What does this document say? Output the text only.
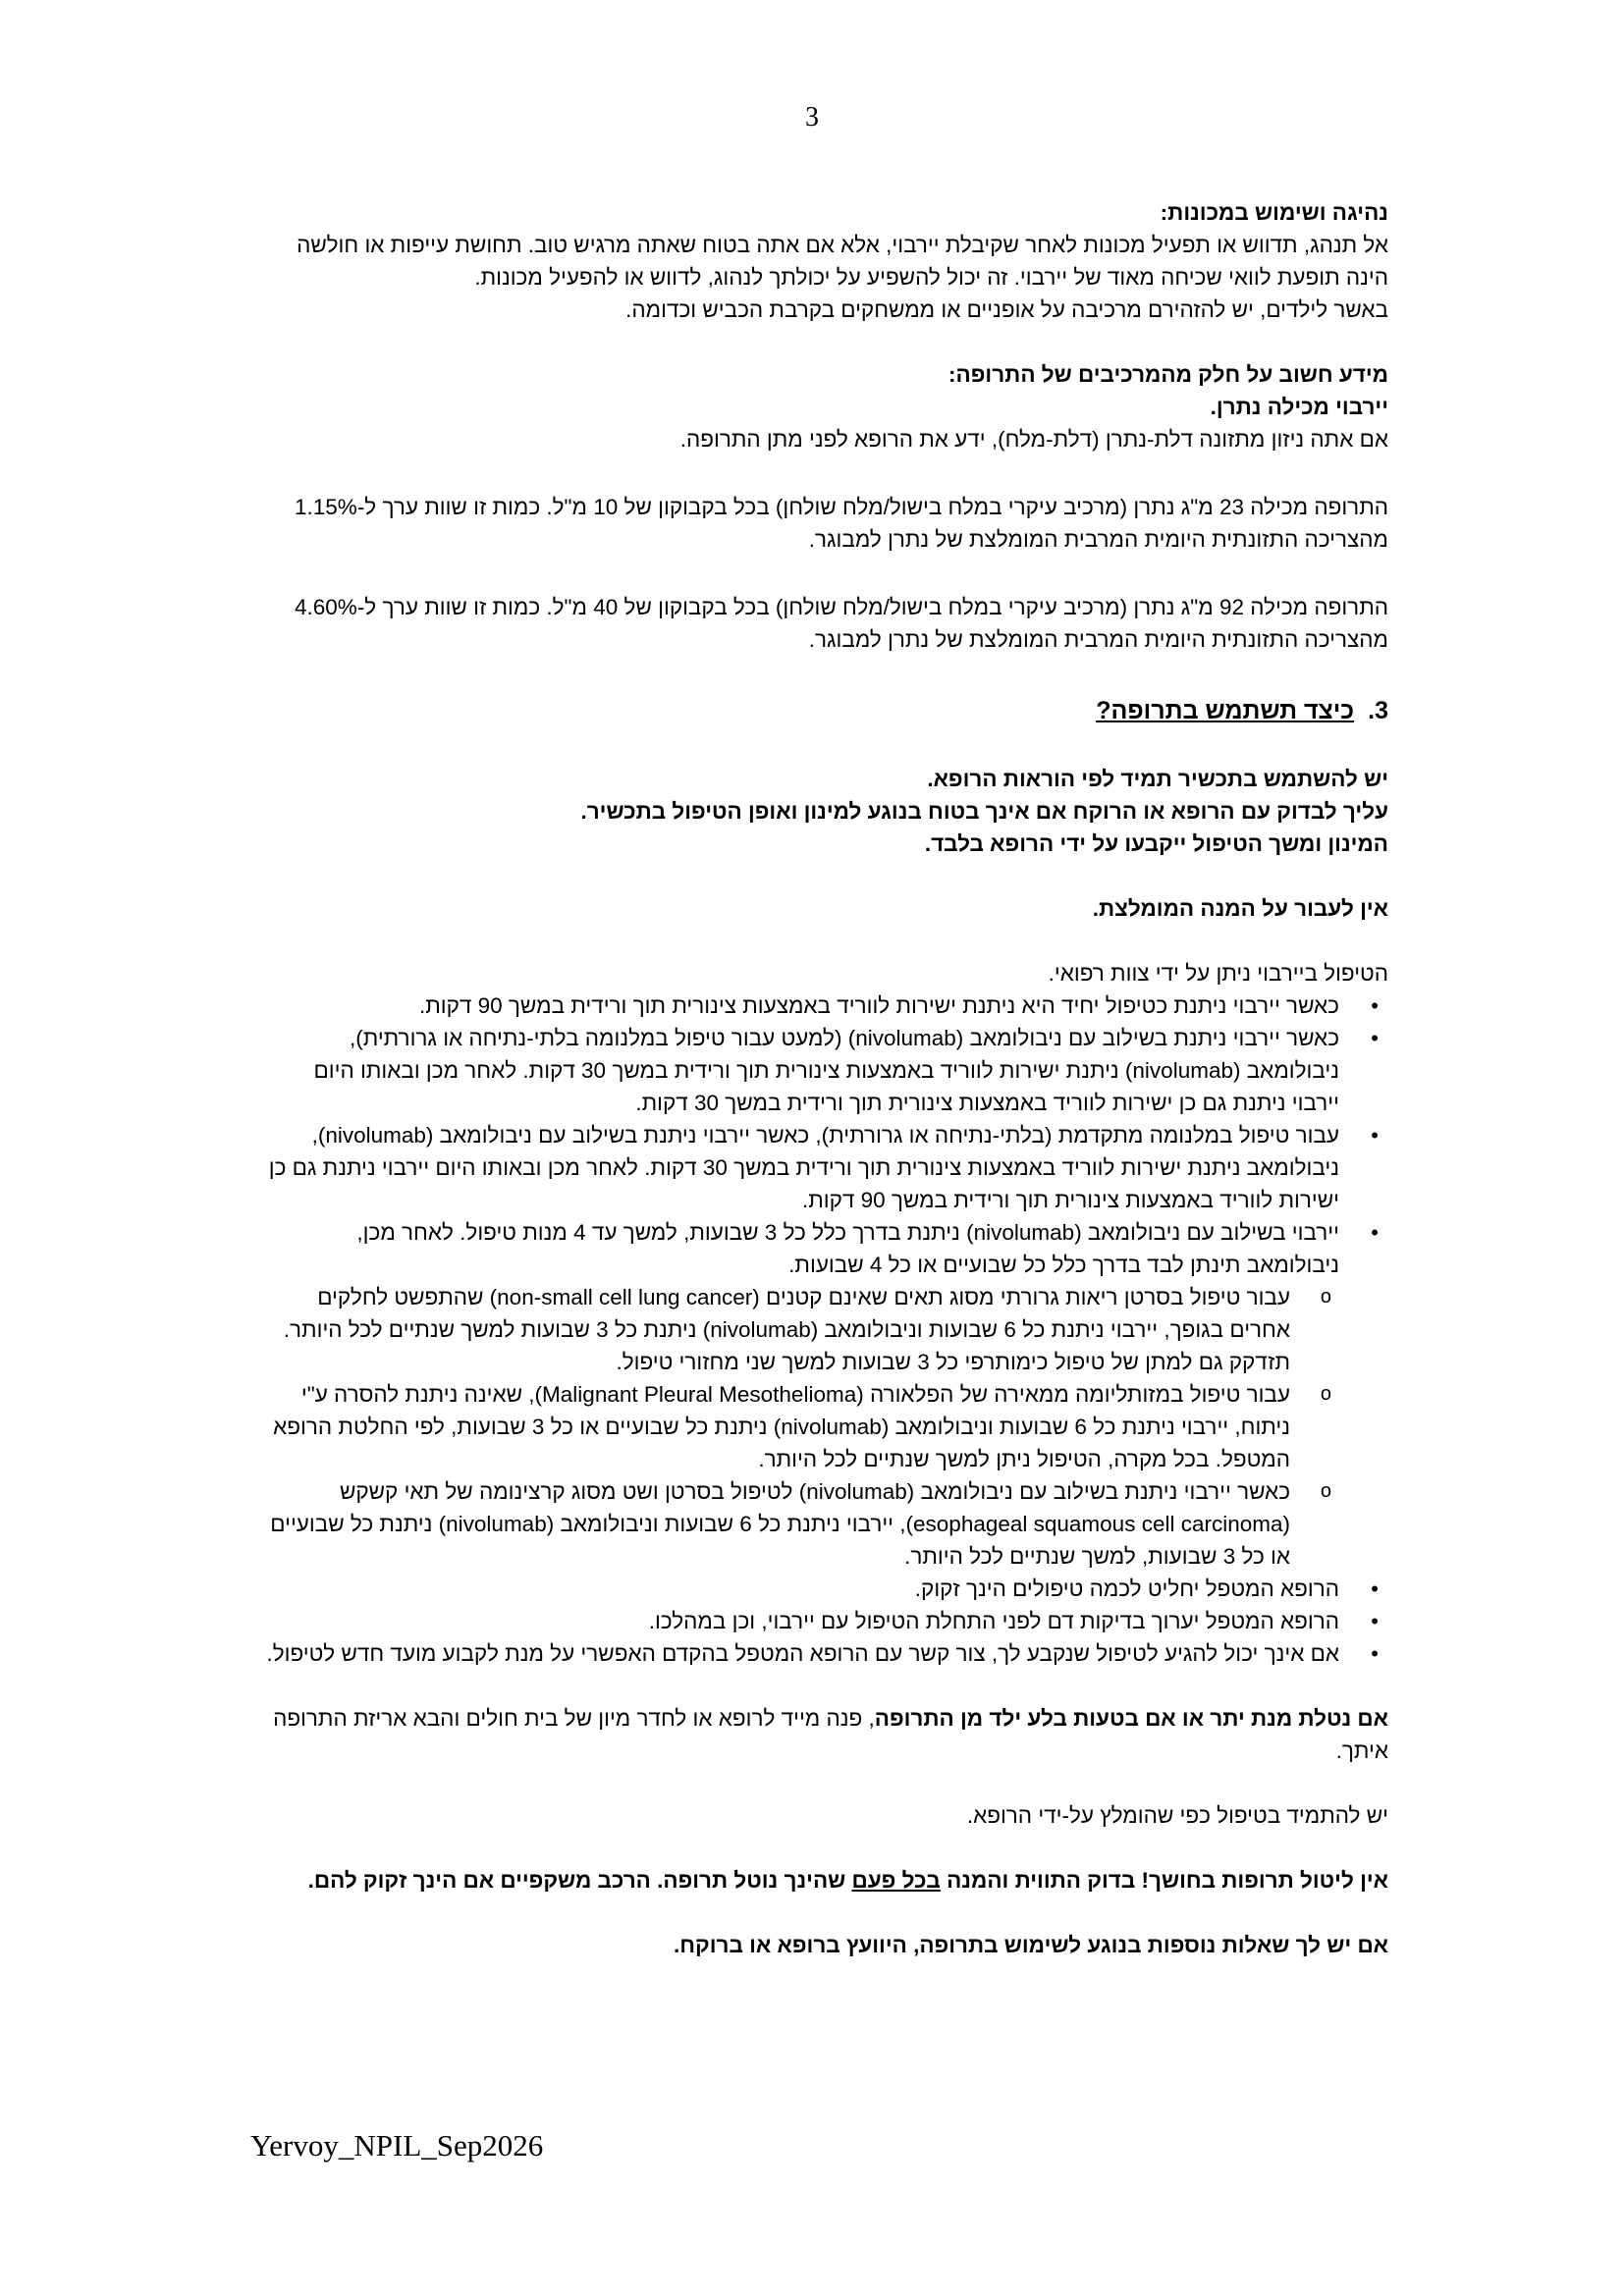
3

נהיגה ושימוש במכונות:

אל תנהג, תדווש או תפעיל מכונות לאחר שקיבלת יירבוי, אלא אם אתה בטוח שאתה מרגיש טוב. תחושת עייפות או חולשה הינה תופעת לוואי שכיחה מאוד של יירבוי. זה יכול להשפיע על יכולתך לנהוג, לדווש או להפעיל מכונות.

באשר לילדים, יש להזהירם מרכיבה על אופניים או ממשחקים בקרבת הכביש וכדומה.

מידע חשוב על חלק מהמרכיבים של התרופה:

יירבוי מכילה נתרן.

אם אתה ניזון מתזונה דלת-נתרן (דלת-מלח), ידע את הרופא לפני מתן התרופה.

התרופה מכילה 23 מ"ג נתרן (מרכיב עיקרי במלח בישול/מלח שולחן) בכל בקבוקון של 10 מ"ל. כמות זו שוות ערך ל-1.15% מהצריכה התזונתית היומית המרבית המומלצת של נתרן למבוגר.

התרופה מכילה 92 מ"ג נתרן (מרכיב עיקרי במלח בישול/מלח שולחן) בכל בקבוקון של 40 מ"ל. כמות זו שוות ערך ל-4.60% מהצריכה התזונתית היומית המרבית המומלצת של נתרן למבוגר.

3.כיצד תשתמש בתרופה?

יש להשתמש בתכשיר תמיד לפי הוראות הרופא.

עליך לבדוק עם הרופא או הרוקח אם אינך בטוח בנוגע למינון ואופן הטיפול בתכשיר.

המינון ומשך הטיפול ייקבעו על ידי הרופא בלבד.

אין לעבור על המנה המומלצת.

הטיפול ביירבוי ניתן על ידי צוות רפואי.

• כאשר יירבוי ניתנת כטיפול יחיד היא ניתנת ישירות לווריד באמצעות צינורית תוך ורידית במשך 90 דקות.
• כאשר יירבוי ניתנת בשילוב עם ניבולומאב (nivolumab) (למעט עבור טיפול במלנומה בלתי-נתיחה או גרורתית), ניבולומאב (nivolumab) ניתנת ישירות לווריד באמצעות צינורית תוך ורידית במשך 30 דקות. לאחר מכן ובאותו היום יירבוי ניתנת גם כן ישירות לווריד באמצעות צינורית תוך ורידית במשך 30 דקות.
• עבור טיפול במלנומה מתקדמת (בלתי-נתיחה או גרורתית), כאשר יירבוי ניתנת בשילוב עם ניבולומאב (nivolumab), ניבולומאב ניתנת ישירות לווריד באמצעות צינורית תוך ורידית במשך 30 דקות. לאחר מכן ובאותו היום יירבוי ניתנת גם כן ישירות לווריד באמצעות צינורית תוך ורידית במשך 90 דקות.
• יירבוי בשילוב עם ניבולומאב (nivolumab) ניתנת בדרך כלל כל 3 שבועות, למשך עד 4 מנות טיפול. לאחר מכן, ניבולומאב תינתן לבד בדרך כלל כל שבועיים או כל 4 שבועות.
o עבור טיפול בסרטן ריאות גרורתי מסוג תאים שאינם קטנים (non-small cell lung cancer) שהתפשט לחלקים אחרים בגופך, יירבוי ניתנת כל 6 שבועות וניבולומאב (nivolumab) ניתנת כל 3 שבועות למשך שנתיים לכל היותר. תזדקק גם למתן של טיפול כימותרפי כל 3 שבועות למשך שני מחזורי טיפול.
o עבור טיפול במזותליומה ממאירה של הפלאורה (Malignant Pleural Mesothelioma), שאינה ניתנת להסרה ע"י ניתוח, יירבוי ניתנת כל 6 שבועות וניבולומאב (nivolumab) ניתנת כל שבועיים או כל 3 שבועות, לפי החלטת הרופא המטפל. בכל מקרה, הטיפול ניתן למשך שנתיים לכל היותר.
o כאשר יירבוי ניתנת בשילוב עם ניבולומאב (nivolumab) לטיפול בסרטן ושט מסוג קרצינומה של תאי קשקש (esophageal squamous cell carcinoma), יירבוי ניתנת כל 6 שבועות וניבולומאב (nivolumab) ניתנת כל שבועיים או כל 3 שבועות, למשך שנתיים לכל היותר.
• הרופא המטפל יחליט לכמה טיפולים הינך זקוק.
• הרופא המטפל יערוך בדיקות דם לפני התחלת הטיפול עם יירבוי, וכן במהלכו.
• אם אינך יכול להגיע לטיפול שנקבע לך, צור קשר עם הרופא המטפל בהקדם האפשרי על מנת לקבוע מועד חדש לטיפול.

אם נטלת מנת יתר או אם בטעות בלע ילד מן התרופה, פנה מייד לרופא או לחדר מיון של בית חולים והבא אריזת התרופה איתך.

יש להתמיד בטיפול כפי שהומלץ על-ידי הרופא.

אין ליטול תרופות בחושך! בדוק התווית והמנה בכל פעם שהינך נוטל תרופה. הרכב משקפיים אם הינך זקוק להם.

אם יש לך שאלות נוספות בנוגע לשימוש בתרופה, היוועץ ברופא או ברוקח.

Yervoy_NPIL_Sep2026
